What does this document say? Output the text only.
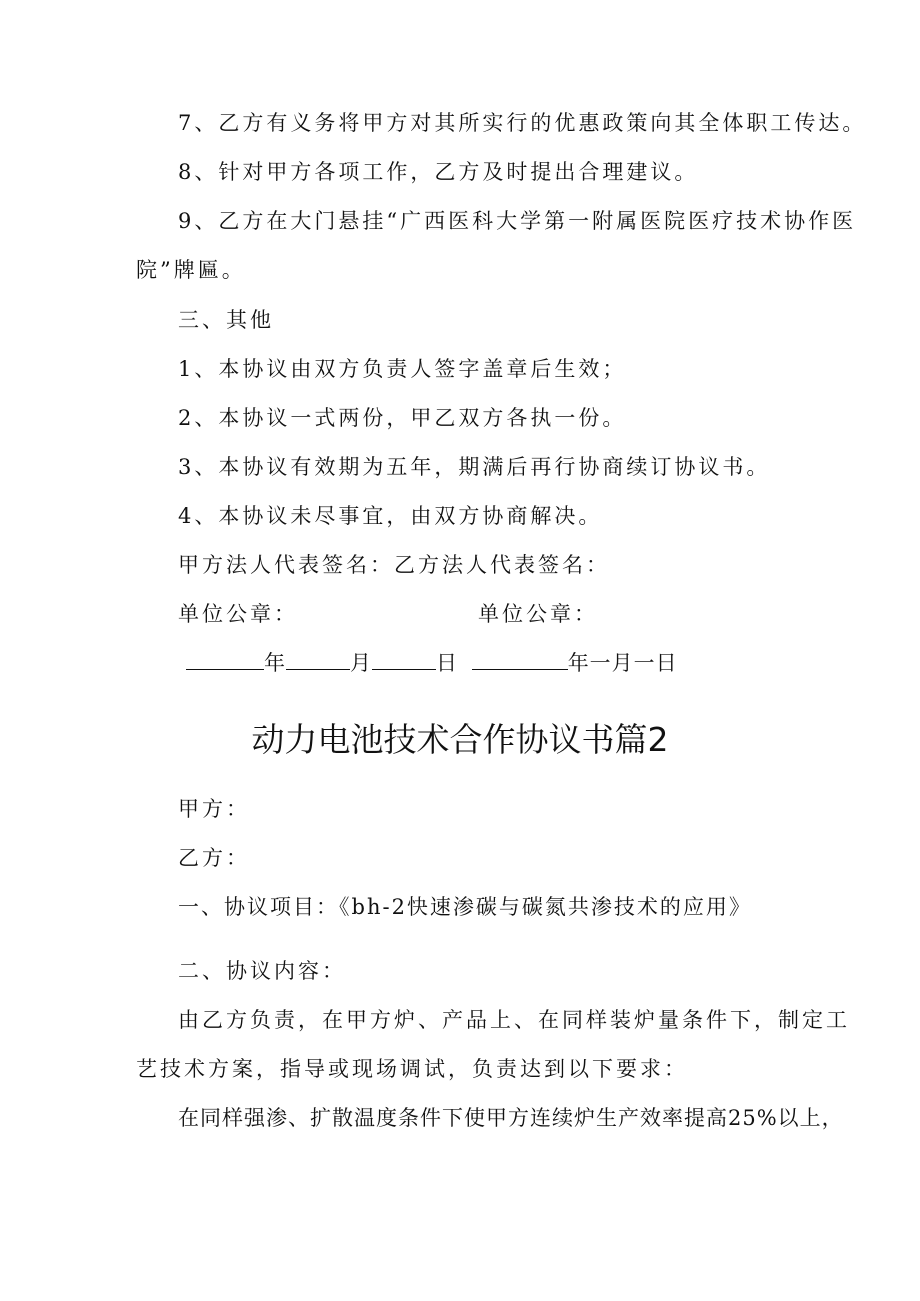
7、乙方有义务将甲方对其所实行的优惠政策向其全体职工传达。

8、针对甲方各项工作，乙方及时提出合理建议。

9、乙方在大门悬挂“广西医科大学第一附属医院医疗技术协作医

院”牌匾。

三、其他

1、本协议由双方负责人签字盖章后生效；

2、本协议一式两份，甲乙双方各执一份。

3、本协议有效期为五年，期满后再行协商续订协议书。

4、本协议未尽事宜，由双方协商解决。

甲方法人代表签名：乙方法人代表签名：

单位公章：	单位公章：

年	月	日	年一月一日

动力电池技术合作协议书篇2

甲方：

乙方：

一、协议项目：《bh-2快速渗碳与碳氮共渗技术的应用》

二、协议内容：

由乙方负责，在甲方炉、产品上、在同样装炉量条件下，制定工

艺技术方案，指导或现场调试，负责达到以下要求：

在同样强渗、扩散温度条件下使甲方连续炉生产效率提高25%以上，
